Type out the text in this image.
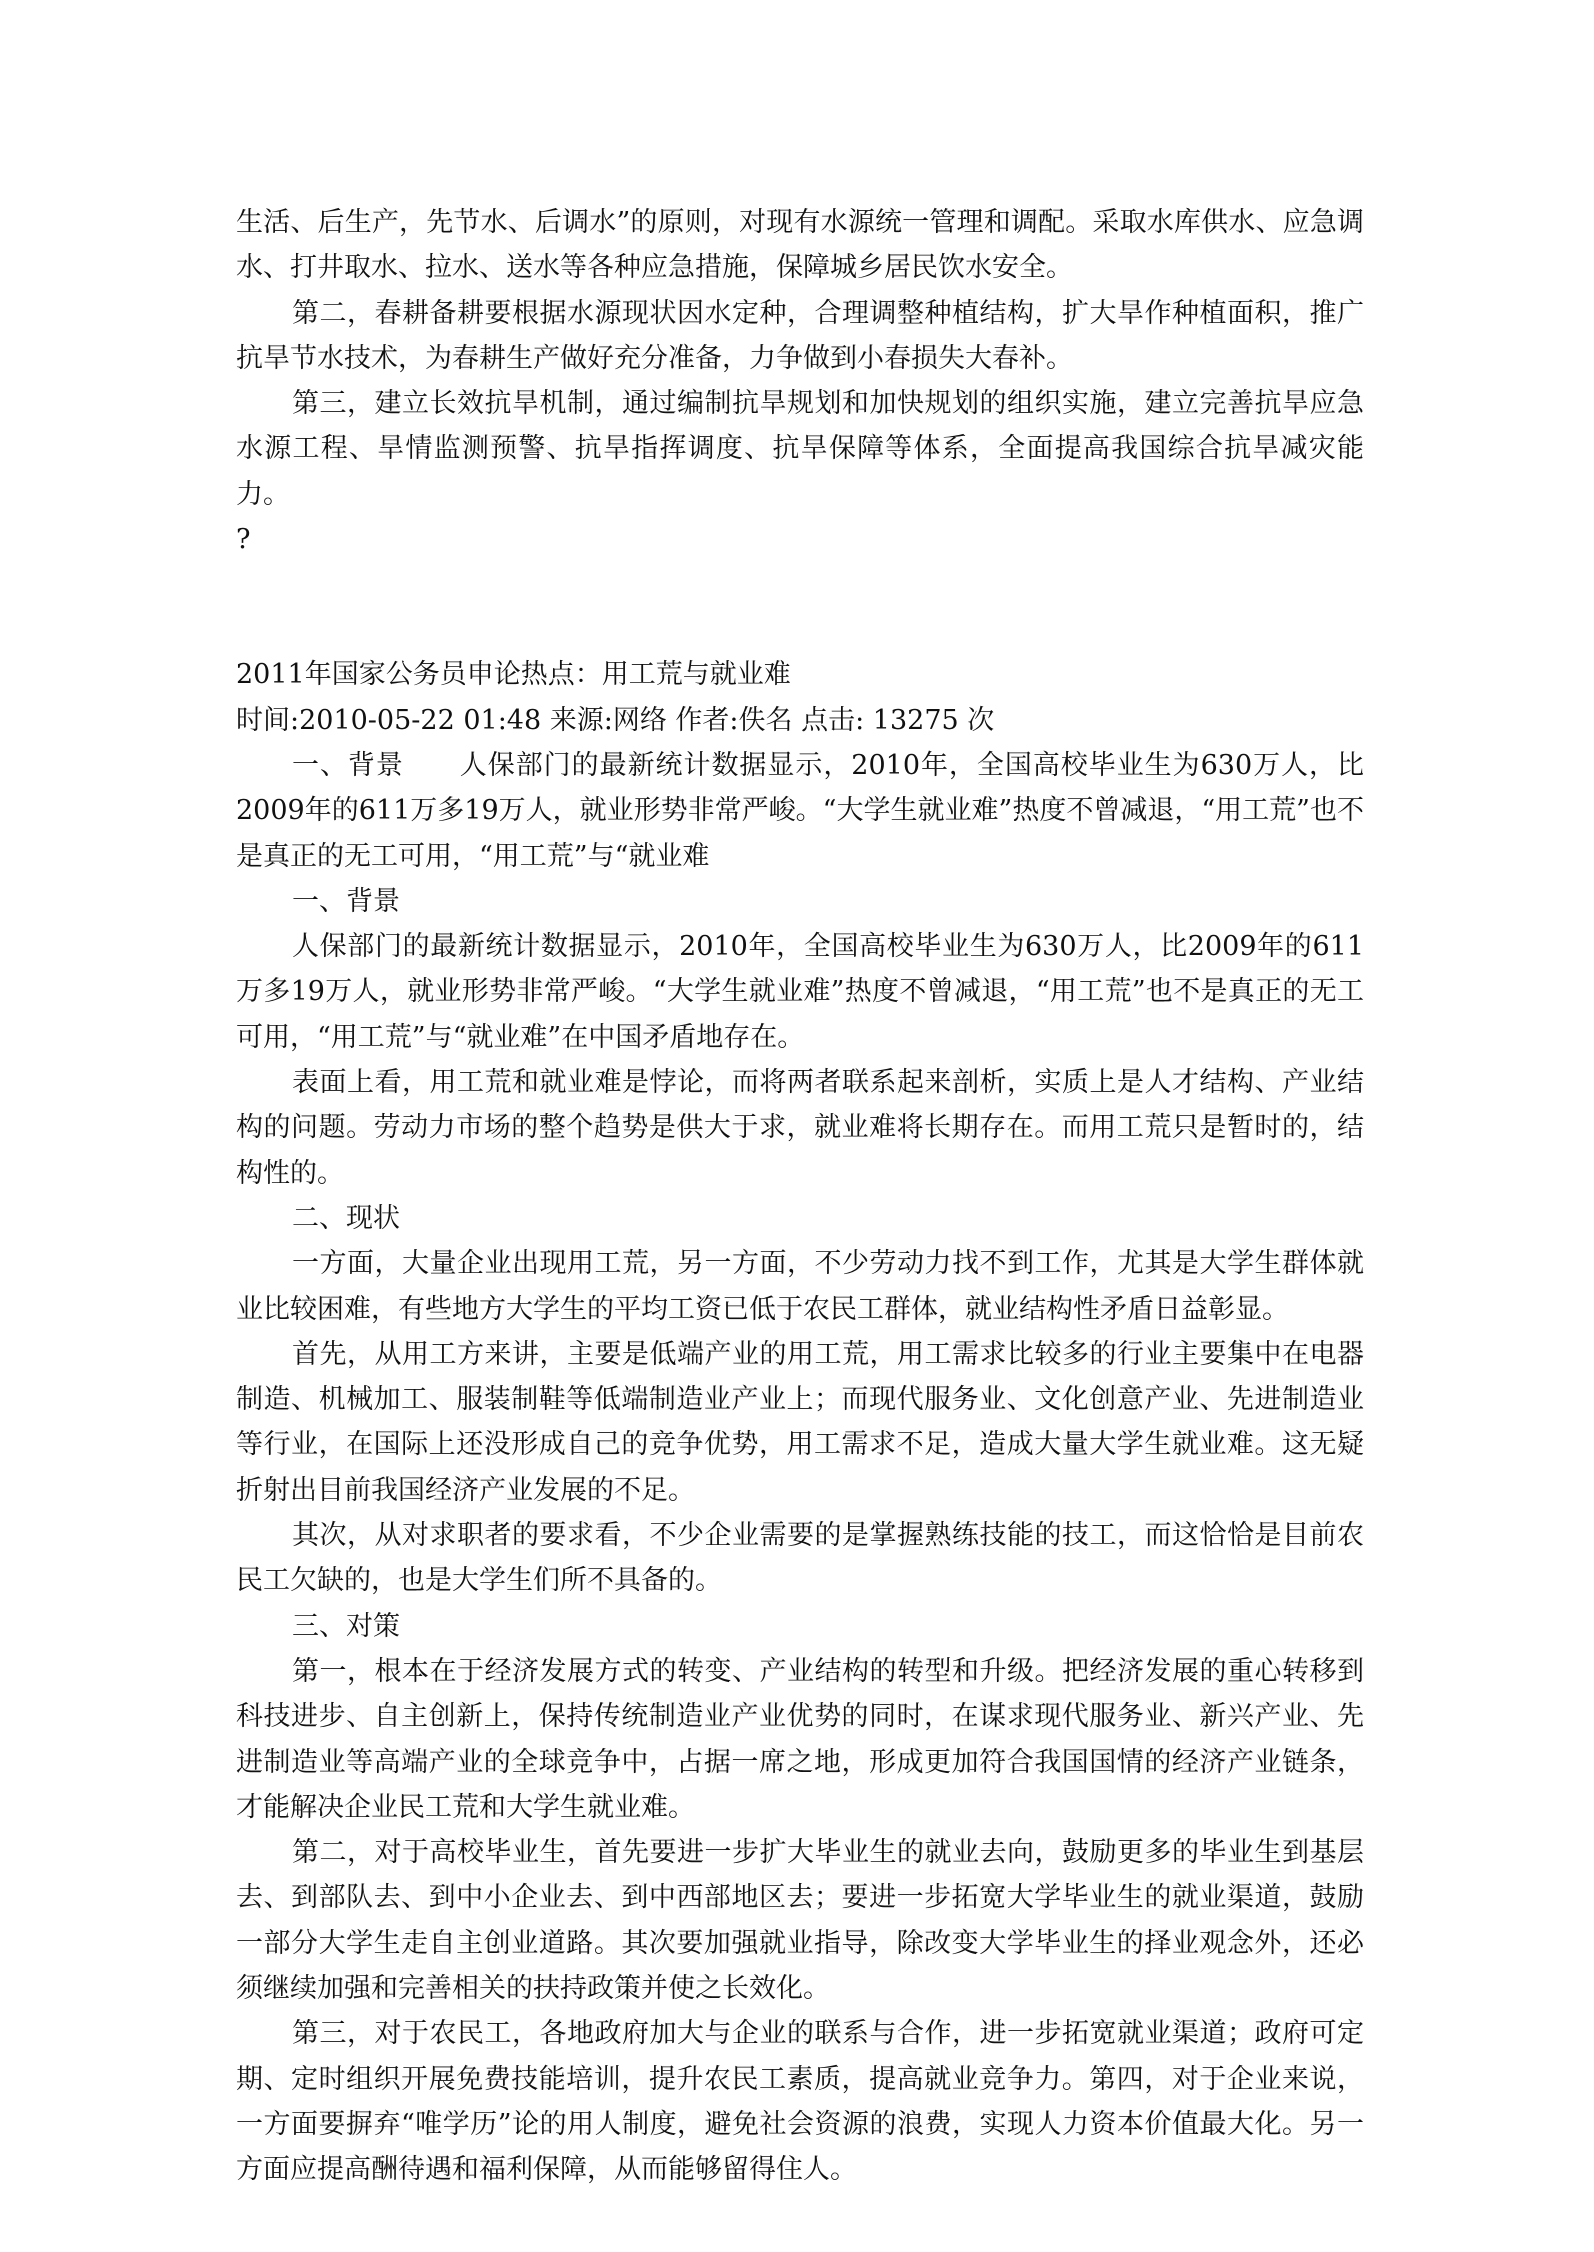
生活、后生产，先节水、后调水”的原则，对现有水源统一管理和调配。采取水库供水、应急调水、打井取水、拉水、送水等各种应急措施，保障城乡居民饮水安全。

第二，春耕备耕要根据水源现状因水定种，合理调整种植结构，扩大旱作种植面积，推广抗旱节水技术，为春耕生产做好充分准备，力争做到小春损失大春补。

第三，建立长效抗旱机制，通过编制抗旱规划和加快规划的组织实施，建立完善抗旱应急水源工程、旱情监测预警、抗旱指挥调度、抗旱保障等体系，全面提高我国综合抗旱减灾能力。

?

2011年国家公务员申论热点：用工荒与就业难

时间:2010-05-22 01:48 来源:网络 作者:佚名 点击: 13275 次

一、背景　　人保部门的最新统计数据显示，2010年，全国高校毕业生为630万人，比2009年的611万多19万人，就业形势非常严峻。“大学生就业难”热度不曾减退，“用工荒”也不是真正的无工可用，“用工荒”与“就业难

一、背景

人保部门的最新统计数据显示，2010年，全国高校毕业生为630万人，比2009年的611万多19万人，就业形势非常严峻。“大学生就业难”热度不曾减退，“用工荒”也不是真正的无工可用，“用工荒”与“就业难”在中国矛盾地存在。

表面上看，用工荒和就业难是悖论，而将两者联系起来剖析，实质上是人才结构、产业结构的问题。劳动力市场的整个趋势是供大于求，就业难将长期存在。而用工荒只是暂时的，结构性的。

二、现状

一方面，大量企业出现用工荒，另一方面，不少劳动力找不到工作，尤其是大学生群体就业比较困难，有些地方大学生的平均工资已低于农民工群体，就业结构性矛盾日益彰显。

首先，从用工方来讲，主要是低端产业的用工荒，用工需求比较多的行业主要集中在电器制造、机械加工、服装制鞋等低端制造业产业上；而现代服务业、文化创意产业、先进制造业等行业，在国际上还没形成自己的竞争优势，用工需求不足，造成大量大学生就业难。这无疑折射出目前我国经济产业发展的不足。

其次，从对求职者的要求看，不少企业需要的是掌握熟练技能的技工，而这恰恰是目前农民工欠缺的，也是大学生们所不具备的。

三、对策

第一，根本在于经济发展方式的转变、产业结构的转型和升级。把经济发展的重心转移到科技进步、自主创新上，保持传统制造业产业优势的同时，在谋求现代服务业、新兴产业、先进制造业等高端产业的全球竞争中，占据一席之地，形成更加符合我国国情的经济产业链条，才能解决企业民工荒和大学生就业难。

第二，对于高校毕业生，首先要进一步扩大毕业生的就业去向，鼓励更多的毕业生到基层去、到部队去、到中小企业去、到中西部地区去；要进一步拓宽大学毕业生的就业渠道，鼓励一部分大学生走自主创业道路。其次要加强就业指导，除改变大学毕业生的择业观念外，还必须继续加强和完善相关的扶持政策并使之长效化。

第三，对于农民工，各地政府加大与企业的联系与合作，进一步拓宽就业渠道；政府可定期、定时组织开展免费技能培训，提升农民工素质，提高就业竞争力。第四，对于企业来说，一方面要摒弃“唯学历”论的用人制度，避免社会资源的浪费，实现人力资本价值最大化。另一方面应提高酬待遇和福利保障，从而能够留得住人。
